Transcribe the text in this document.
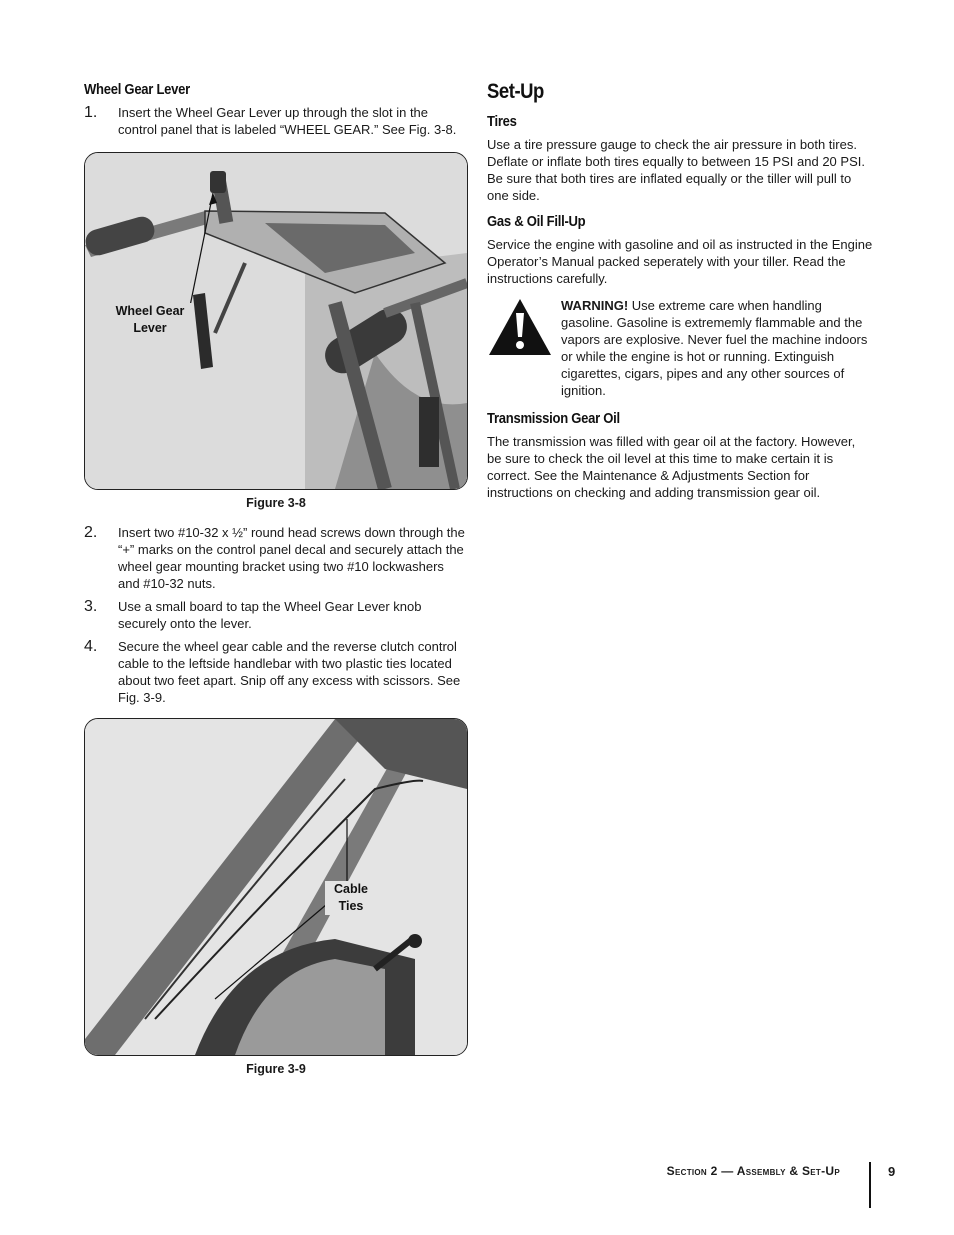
Wheel Gear Lever
1. Insert the Wheel Gear Lever up through the slot in the control panel that is labeled “WHEEL GEAR.” See Fig. 3-8.

Wheel Gear
Lever
Figure 3-8
2. Insert two #10-32 x ½” round head screws down through the “+” marks on the control panel decal and securely attach the wheel gear mounting bracket using two #10 lockwashers and #10-32 nuts.

3. Use a small board to tap the Wheel Gear Lever knob securely onto the lever.

4. Secure the wheel gear cable and the reverse clutch control cable to the leftside handlebar with two plastic ties located about two feet apart. Snip off any excess with scissors. See Fig. 3-9.

Cable
Ties
Figure 3-9
Set-Up
Tires

Use a tire pressure gauge to check the air pressure in both tires. Deflate or inflate both tires equally to between 15 PSI and 20 PSI. Be sure that both tires are inflated equally or the tiller will pull to one side.

Gas & Oil Fill-Up

Service the engine with gasoline and oil as instructed in the Engine Operator’s Manual packed seperately with your tiller. Read the instructions carefully.

WARNING! Use extreme care when handling gasoline. Gasoline is extrememly flammable and the vapors are explosive. Never fuel the machine indoors or while the engine is hot or running. Extinguish cigarettes, cigars, pipes and any other sources of ignition.

Transmission Gear Oil

The transmission was filled with gear oil at the factory. However, be sure to check the oil level at this time to make certain it is correct. See the Maintenance & Adjustments Section for instructions on checking and adding transmission gear oil.

Section 2 — Assembly & Set-Up	9
